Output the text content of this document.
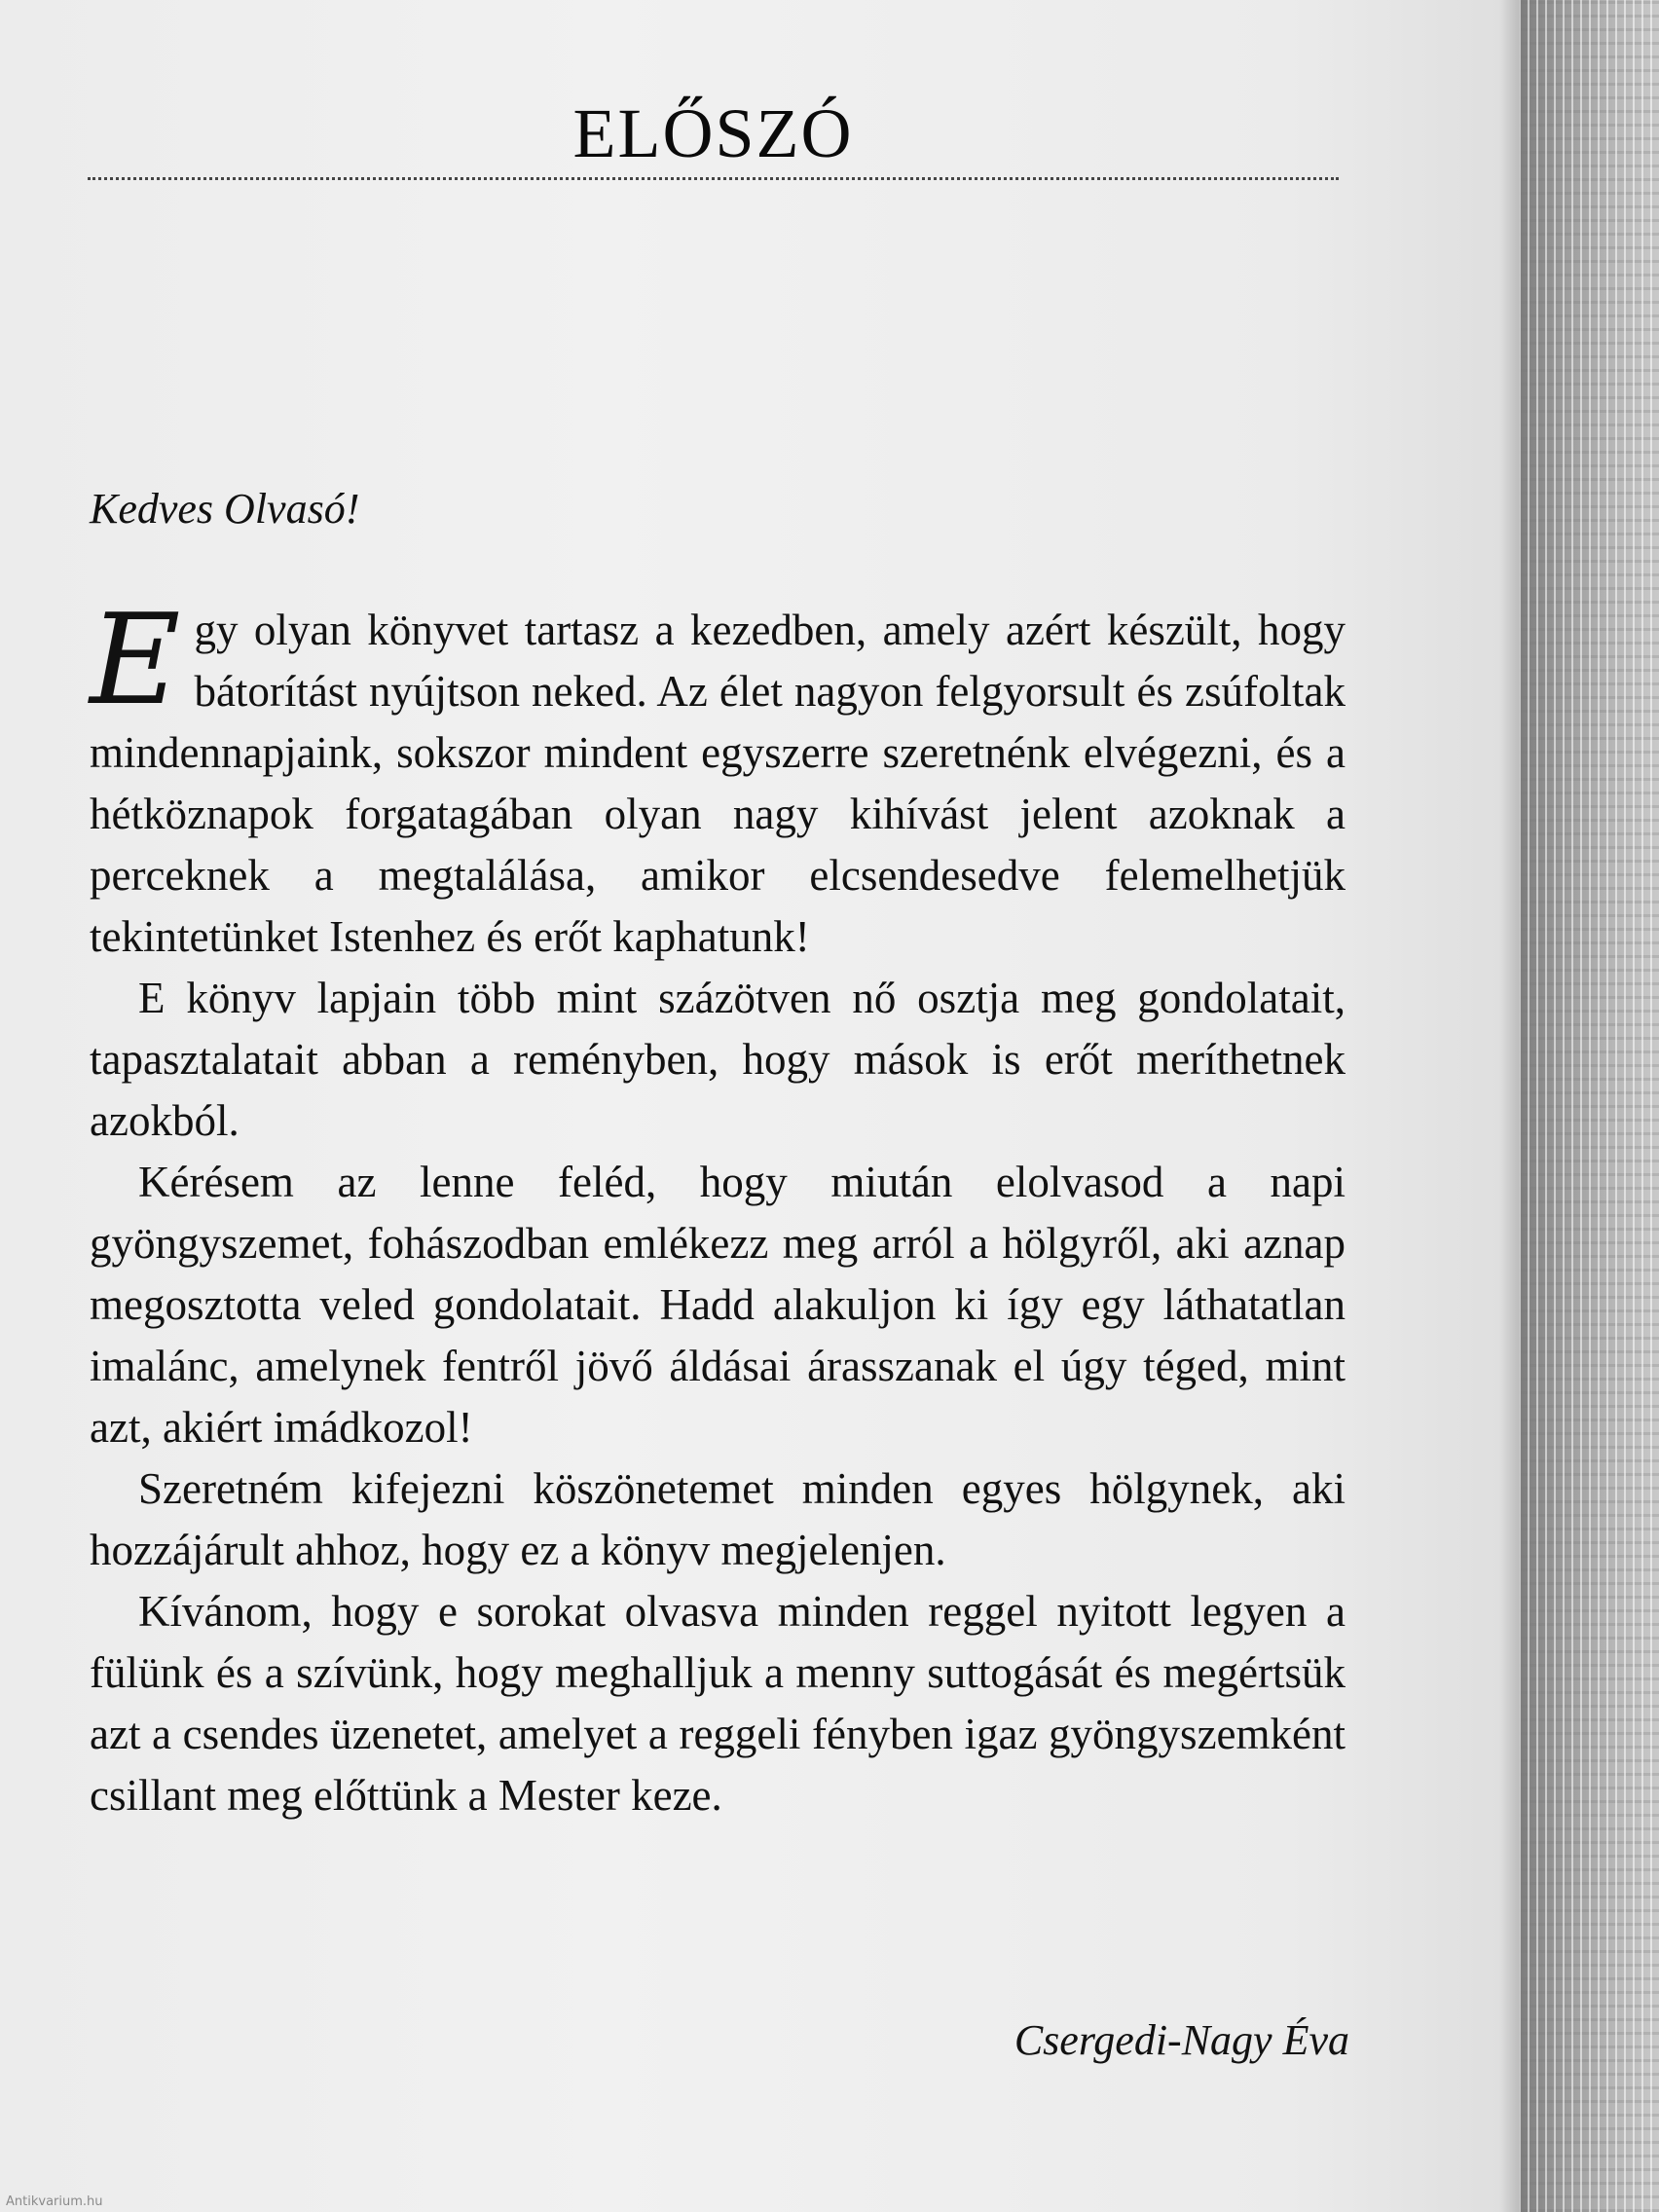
ELŐSZÓ
Kedves Olvasó!

Egy olyan könyvet tartasz a kezedben, amely azért készült, hogy bátorítást nyújtson neked. Az élet nagyon felgyorsult és zsúfoltak mindennapjaink, sokszor mindent egyszerre szeretnénk elvégezni, és a hétköznapok forgatagában olyan nagy kihívást jelent azoknak a perceknek a megtalálása, amikor elcsendesedve felemelhetjük tekintetünket Istenhez és erőt kaphatunk!

E könyv lapjain több mint százötven nő osztja meg gondolatait, tapasztalatait abban a reményben, hogy mások is erőt meríthetnek azokból.

Kérésem az lenne feléd, hogy miután elolvasod a napi gyöngyszemet, fohászodban emlékezz meg arról a hölgyről, aki aznap megosztotta veled gondolatait. Hadd alakuljon ki így egy láthatatlan imalánc, amelynek fentről jövő áldásai árasszanak el úgy téged, mint azt, akiért imádkozol!

Szeretném kifejezni köszönetemet minden egyes hölgynek, aki hozzájárult ahhoz, hogy ez a könyv megjelenjen.

Kívánom, hogy e sorokat olvasva minden reggel nyitott legyen a fülünk és a szívünk, hogy meghalljuk a menny suttogását és megértsük azt a csendes üzenetet, amelyet a reggeli fényben igaz gyöngyszemként csillant meg előttünk a Mester keze.

Csergedi-Nagy Éva
Antikvarium.hu
